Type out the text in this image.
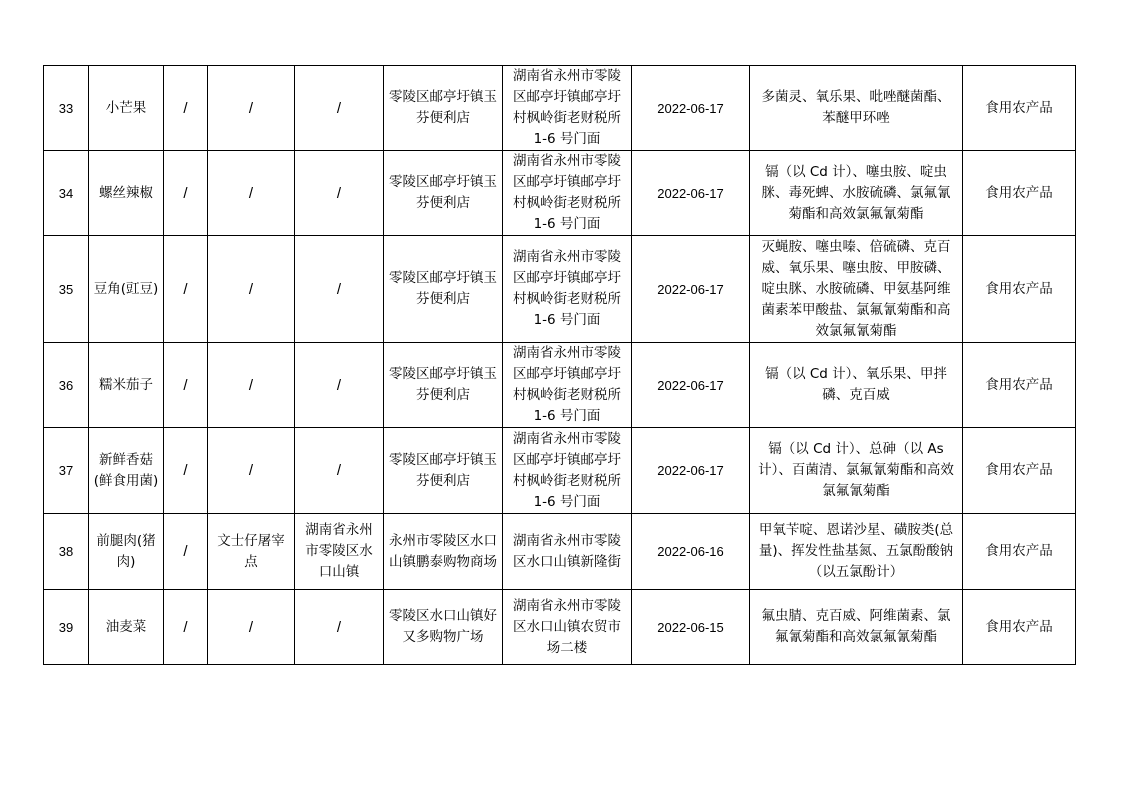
33	小芒果	/	/	/	零陵区邮亭圩镇玉芬便利店	湖南省永州市零陵区邮亭圩镇邮亭圩村枫岭街老财税所 1-6 号门面	2022-06-17	多菌灵、氧乐果、吡唑醚菌酯、苯醚甲环唑	食用农产品
34	螺丝辣椒	/	/	/	零陵区邮亭圩镇玉芬便利店	湖南省永州市零陵区邮亭圩镇邮亭圩村枫岭街老财税所 1-6 号门面	2022-06-17	镉（以 Cd 计）、噻虫胺、啶虫脒、毒死蜱、水胺硫磷、氯氟氰菊酯和高效氯氟氰菊酯	食用农产品
35	豆角(豇豆)	/	/	/	零陵区邮亭圩镇玉芬便利店	湖南省永州市零陵区邮亭圩镇邮亭圩村枫岭街老财税所 1-6 号门面	2022-06-17	灭蝇胺、噻虫嗪、倍硫磷、克百威、氧乐果、噻虫胺、甲胺磷、啶虫脒、水胺硫磷、甲氨基阿维菌素苯甲酸盐、氯氟氰菊酯和高效氯氟氰菊酯	食用农产品
36	糯米茄子	/	/	/	零陵区邮亭圩镇玉芬便利店	湖南省永州市零陵区邮亭圩镇邮亭圩村枫岭街老财税所 1-6 号门面	2022-06-17	镉（以 Cd 计）、氧乐果、甲拌磷、克百威	食用农产品
37	新鲜香菇(鲜食用菌)	/	/	/	零陵区邮亭圩镇玉芬便利店	湖南省永州市零陵区邮亭圩镇邮亭圩村枫岭街老财税所 1-6 号门面	2022-06-17	镉（以 Cd 计）、总砷（以 As 计）、百菌清、氯氟氰菊酯和高效氯氟氰菊酯	食用农产品
38	前腿肉(猪肉)	/	文士仔屠宰点	湖南省永州市零陵区水口山镇	永州市零陵区水口山镇鹏泰购物商场	湖南省永州市零陵区水口山镇新隆街	2022-06-16	甲氧苄啶、恩诺沙星、磺胺类(总量)、挥发性盐基氮、五氯酚酸钠（以五氯酚计）	食用农产品
39	油麦菜	/	/	/	零陵区水口山镇好又多购物广场	湖南省永州市零陵区水口山镇农贸市场二楼	2022-06-15	氟虫腈、克百威、阿维菌素、氯氟氰菊酯和高效氯氟氰菊酯	食用农产品
